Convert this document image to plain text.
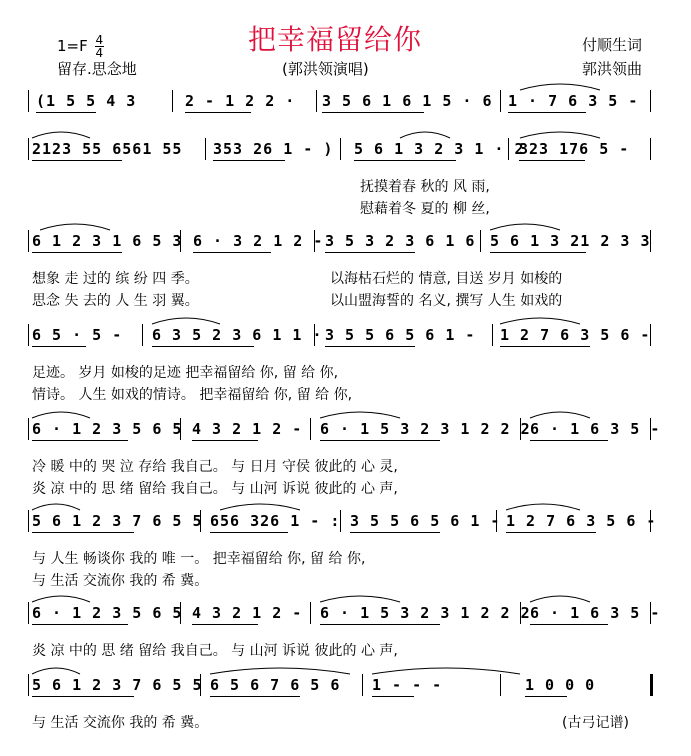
$1=F \frac{4}{4}$	把幸福留给你	付顺生词
留存.思念地	(郭洪领演唱)	郭洪领曲
(1 5 5 4 3	2 - 1 2 2 · 3 5 6 1 6 1 5 · 6 1 · 7 6 3 5 -
2123 55 6561 55 353 26 1 - ) 5 6 1 3 2 3 1 · 2
323 176 5 -
抚摸着春 秋的 风 雨,
慰藉着冬 夏的 柳 丝,
6 1 2 3 1 6 5 3 6 · 3 2 1 2 - 3 5 3 2 3 6 1 6 5 6 1 3 21 2 3 3
想象 走 过的 缤 纷 四 季。	以海枯石烂的 情意, 目送 岁月 如梭的
思念 失 去的 人 生 羽 翼。	以山盟海誓的 名义, 撰写 人生 如戏的
6 5 · 5 - 6 3 5 2 3 6 1 1 · 3 5 5 6 5 6 1 - 1 2 7 6 3 5 6 -
足迹。 岁月 如梭的足迹 把幸福留给 你, 留 给 你,
情诗。 人生 如戏的情诗。 把幸福留给 你, 留 给 你,
6 · 1 2 3 5 6 5 4 3 2 1 2 - 6 · 1 5 3 2 3 1 2 2 2 6 · 1 6 3 5 -
冷 暖 中的 哭 泣 存给 我自己。 与 日月 守侯 彼此的 心 灵,
炎 凉 中的 思 绪 留给 我自己。 与 山河 诉说 彼此的 心 声,
5 6 1 2 3 7 6 5 5 656 326 1 - : 3 5 5 6 5 6 1 - 1 2 7 6 3 5 6 -
与 人生 畅谈你 我的 唯 一。 把幸福留给 你, 留 给 你,
与 生活 交流你 我的 希 冀。
6 · 1 2 3 5 6 5 4 3 2 1 2 - 6 · 1 5 3 2 3 1 2 2 2 6 · 1 6 3 5 -
炎 凉 中的 思 绪 留给 我自己。 与 山河 诉说 彼此的 心 声,
5 6 1 2 3 7 6 5 5 6 5 6 7 6 5 6 1 - - -	1 0 0 0
与 生活 交流你 我的 希 冀。	(古弓记谱)
